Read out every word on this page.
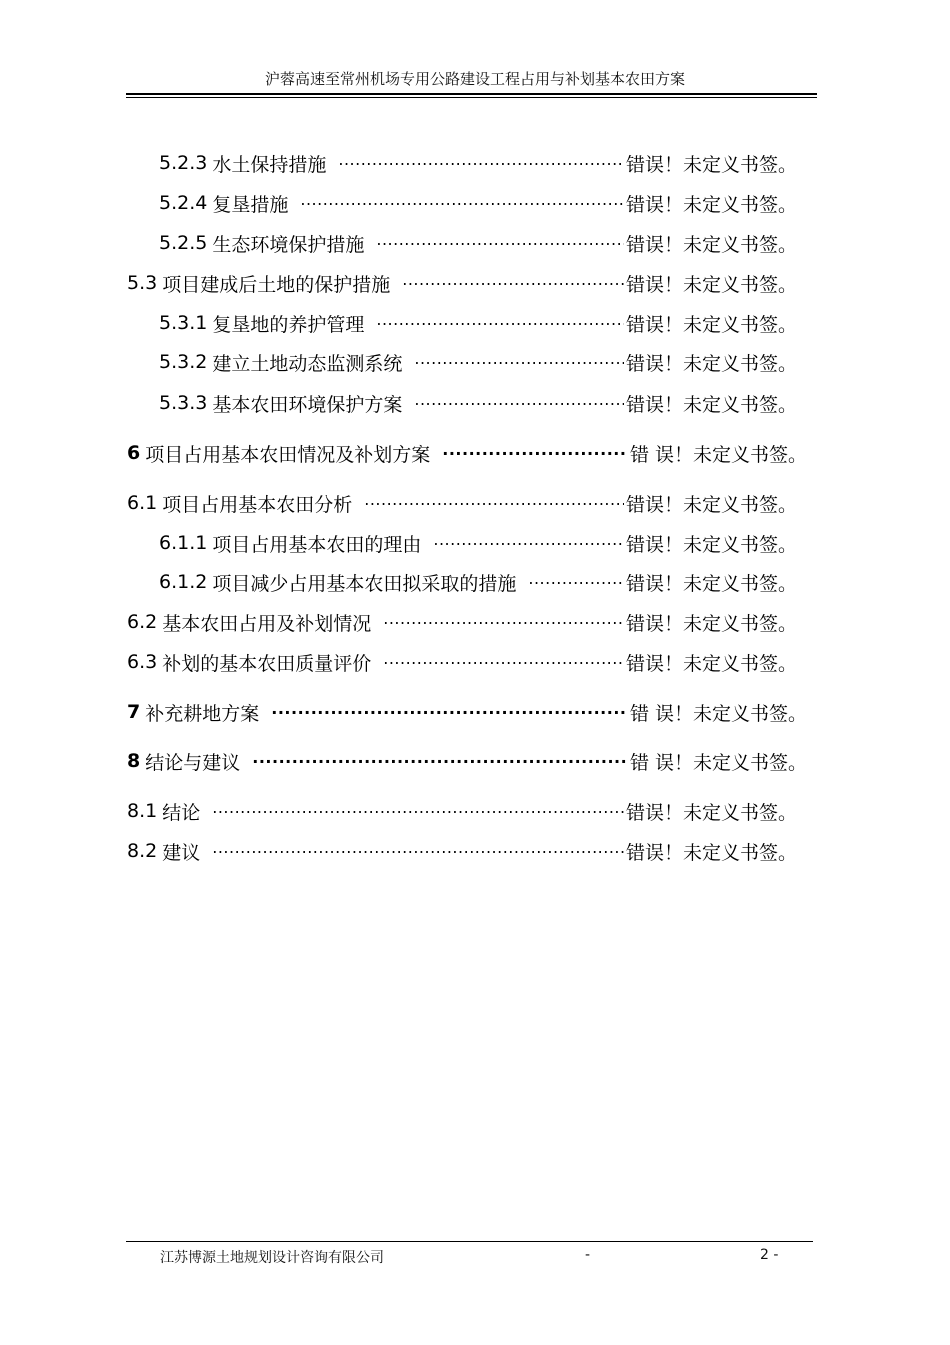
沪蓉高速至常州机场专用公路建设工程占用与补划基本农田方案
5.2.3 水土保持措施 .....	错误！未定义书签。
5.2.4 复垦措施 .....	错误！未定义书签。
5.2.5 生态环境保护措施 .....	错误！未定义书签。
5.3 项目建成后土地的保护措施 .....	错误！未定义书签。
5.3.1 复垦地的养护管理 .....	错误！未定义书签。
5.3.2 建立土地动态监测系统 .....	错误！未定义书签。
5.3.3 基本农田环境保护方案 .....	错误！未定义书签。
6 项目占用基本农田情况及补划方案 .....	错 误！未定义书签。
6.1 项目占用基本农田分析 .....	错误！未定义书签。
6.1.1 项目占用基本农田的理由 .....	错误！未定义书签。
6.1.2 项目减少占用基本农田拟采取的措施 .....	错误！未定义书签。
6.2 基本农田占用及补划情况 .....	错误！未定义书签。
6.3 补划的基本农田质量评价 .....	错误！未定义书签。
7 补充耕地方案 .....	错 误！未定义书签。
8 结论与建议 .....	错 误！未定义书签。
8.1 结论 .....	错误！未定义书签。
8.2 建议 .....	错误！未定义书签。
江苏博源土地规划设计咨询有限公司	-	2 -
